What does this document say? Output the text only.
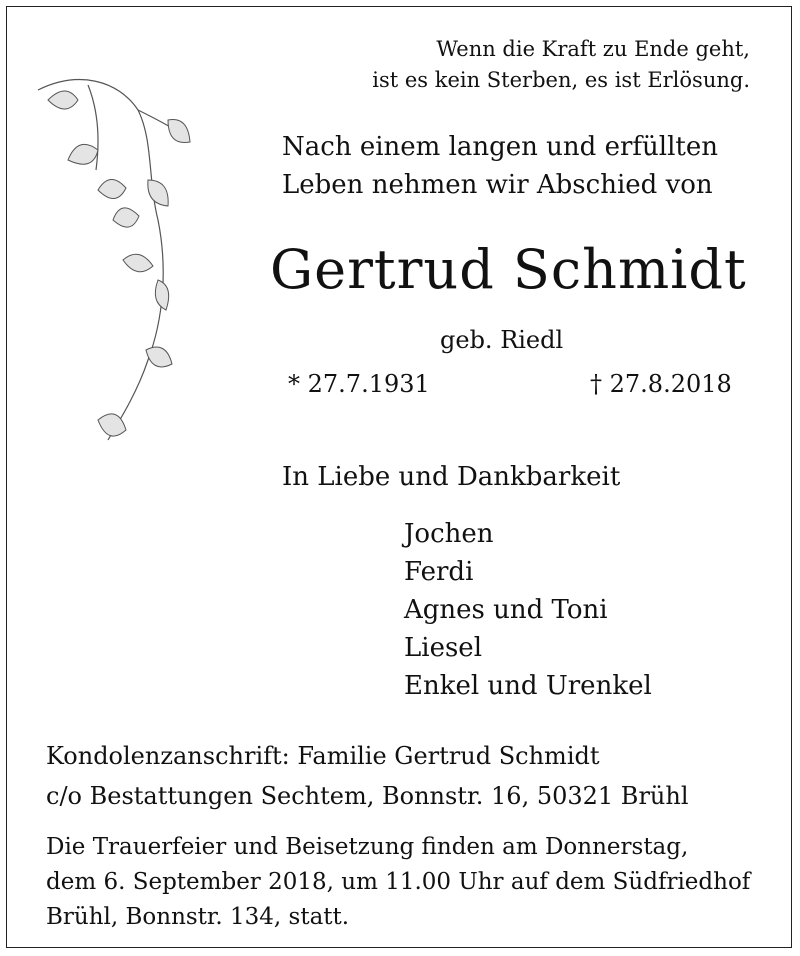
Wenn die Kraft zu Ende geht,
ist es kein Sterben, es ist Erlösung.
Nach einem langen und erfüllten
Leben nehmen wir Abschied von
Gertrud Schmidt
geb. Riedl
* 27.7.1931	† 27.8.2018
In Liebe und Dankbarkeit
Jochen
Ferdi
Agnes und Toni
Liesel
Enkel und Urenkel
Kondolenzanschrift: Familie Gertrud Schmidt
c/o Bestattungen Sechtem, Bonnstr. 16, 50321 Brühl
Die Trauerfeier und Beisetzung finden am Donnerstag,
dem 6. September 2018, um 11.00 Uhr auf dem Südfriedhof
Brühl, Bonnstr. 134, statt.
